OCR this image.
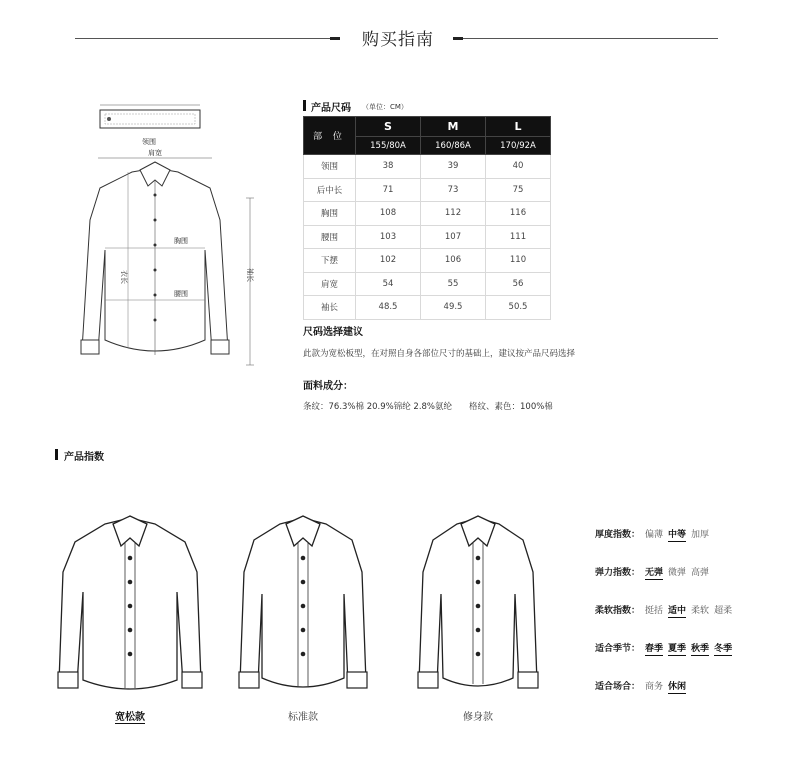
购买指南
领围
肩宽
胸围
腰围
衣长	袖长
产品尺码 （单位：CM）
部 位	S	M	L
	155/80A	160/86A	170/92A
领围	38	39	40
后中长	71	73	75
胸围	108	112	116
腰围	103	107	111
下摆	102	106	110
肩宽	54	55	56
袖长	48.5	49.5	50.5
尺码选择建议
此款为宽松板型，在对照自身各部位尺寸的基础上，建议按产品尺码选择
面料成分：
条纹：76.3%棉 20.9%锦纶 2.8%氨纶　　格纹、素色：100%棉
产品指数
宽松款	标准款	修身款
厚度指数： 偏薄 中等 加厚
弹力指数： 无弹 微弹 高弹
柔软指数： 挺括 适中 柔软 超柔
适合季节： 春季 夏季 秋季 冬季
适合场合： 商务 休闲
